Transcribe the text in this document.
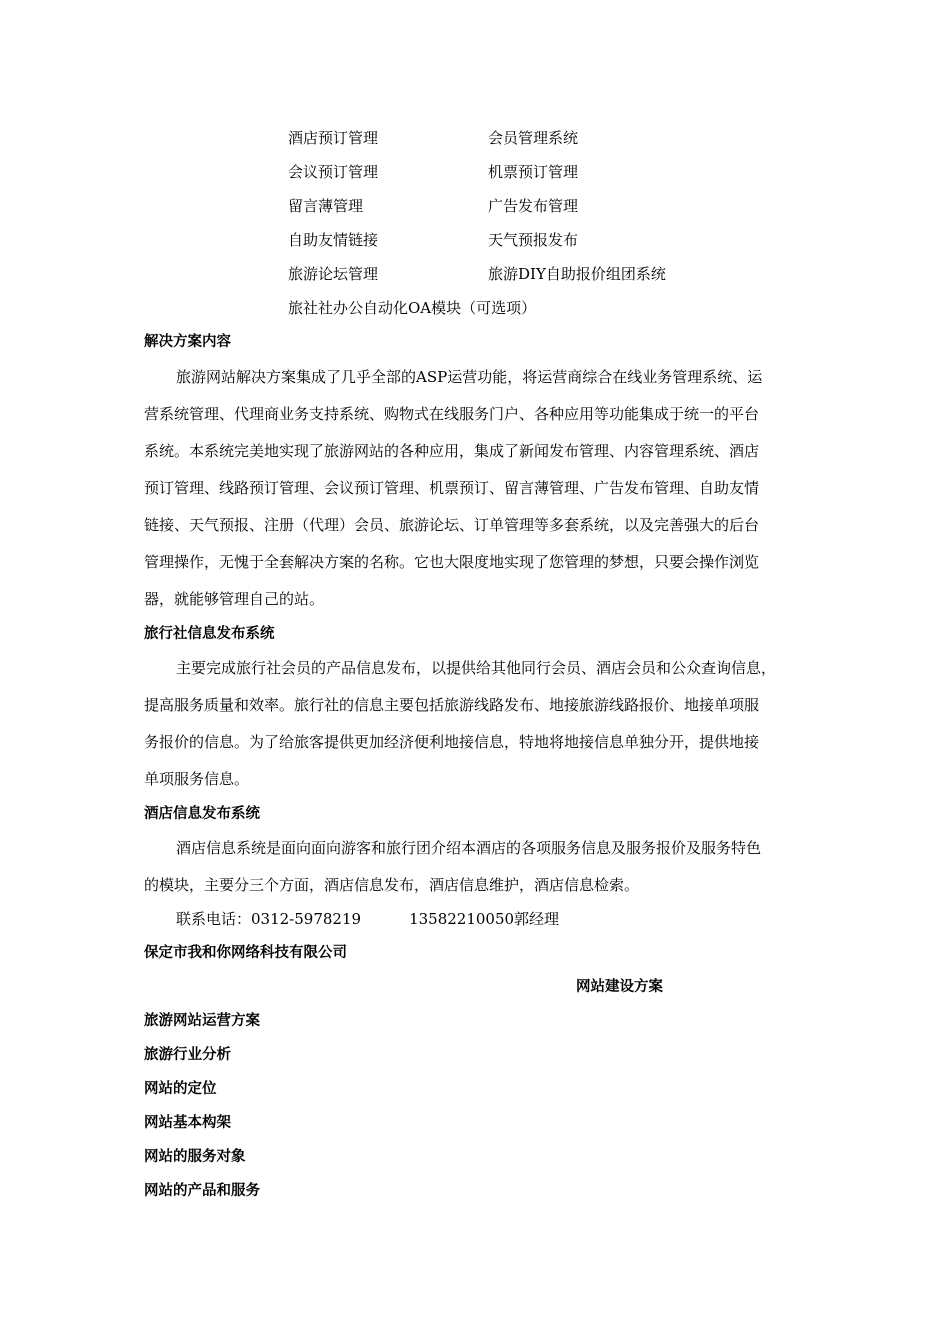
酒店预订管理	会员管理系统
会议预订管理	机票预订管理
留言薄管理	广告发布管理
自助友情链接	天气预报发布
旅游论坛管理	旅游DIY自助报价组团系统
旅社社办公自动化OA模块（可选项）
解决方案内容
旅游网站解决方案集成了几乎全部的ASP运营功能，将运营商综合在线业务管理系统、运
营系统管理、代理商业务支持系统、购物式在线服务门户、各种应用等功能集成于统一的平台
系统。本系统完美地实现了旅游网站的各种应用，集成了新闻发布管理、内容管理系统、酒店
预订管理、线路预订管理、会议预订管理、机票预订、留言薄管理、广告发布管理、自助友情
链接、天气预报、注册（代理）会员、旅游论坛、订单管理等多套系统，以及完善强大的后台
管理操作，无愧于全套解决方案的名称。它也大限度地实现了您管理的梦想，只要会操作浏览
器，就能够管理自己的站。
旅行社信息发布系统
主要完成旅行社会员的产品信息发布，以提供给其他同行会员、酒店会员和公众查询信息，
提高服务质量和效率。旅行社的信息主要包括旅游线路发布、地接旅游线路报价、地接单项服
务报价的信息。为了给旅客提供更加经济便利地接信息，特地将地接信息单独分开，提供地接
单项服务信息。
酒店信息发布系统
酒店信息系统是面向面向游客和旅行团介绍本酒店的各项服务信息及服务报价及服务特色
的模块，主要分三个方面，酒店信息发布，酒店信息维护，酒店信息检索。
联系电话：0312-5978219	13582210050郭经理
保定市我和你网络科技有限公司
网站建设方案
旅游网站运营方案
旅游行业分析
网站的定位
网站基本构架
网站的服务对象
网站的产品和服务
